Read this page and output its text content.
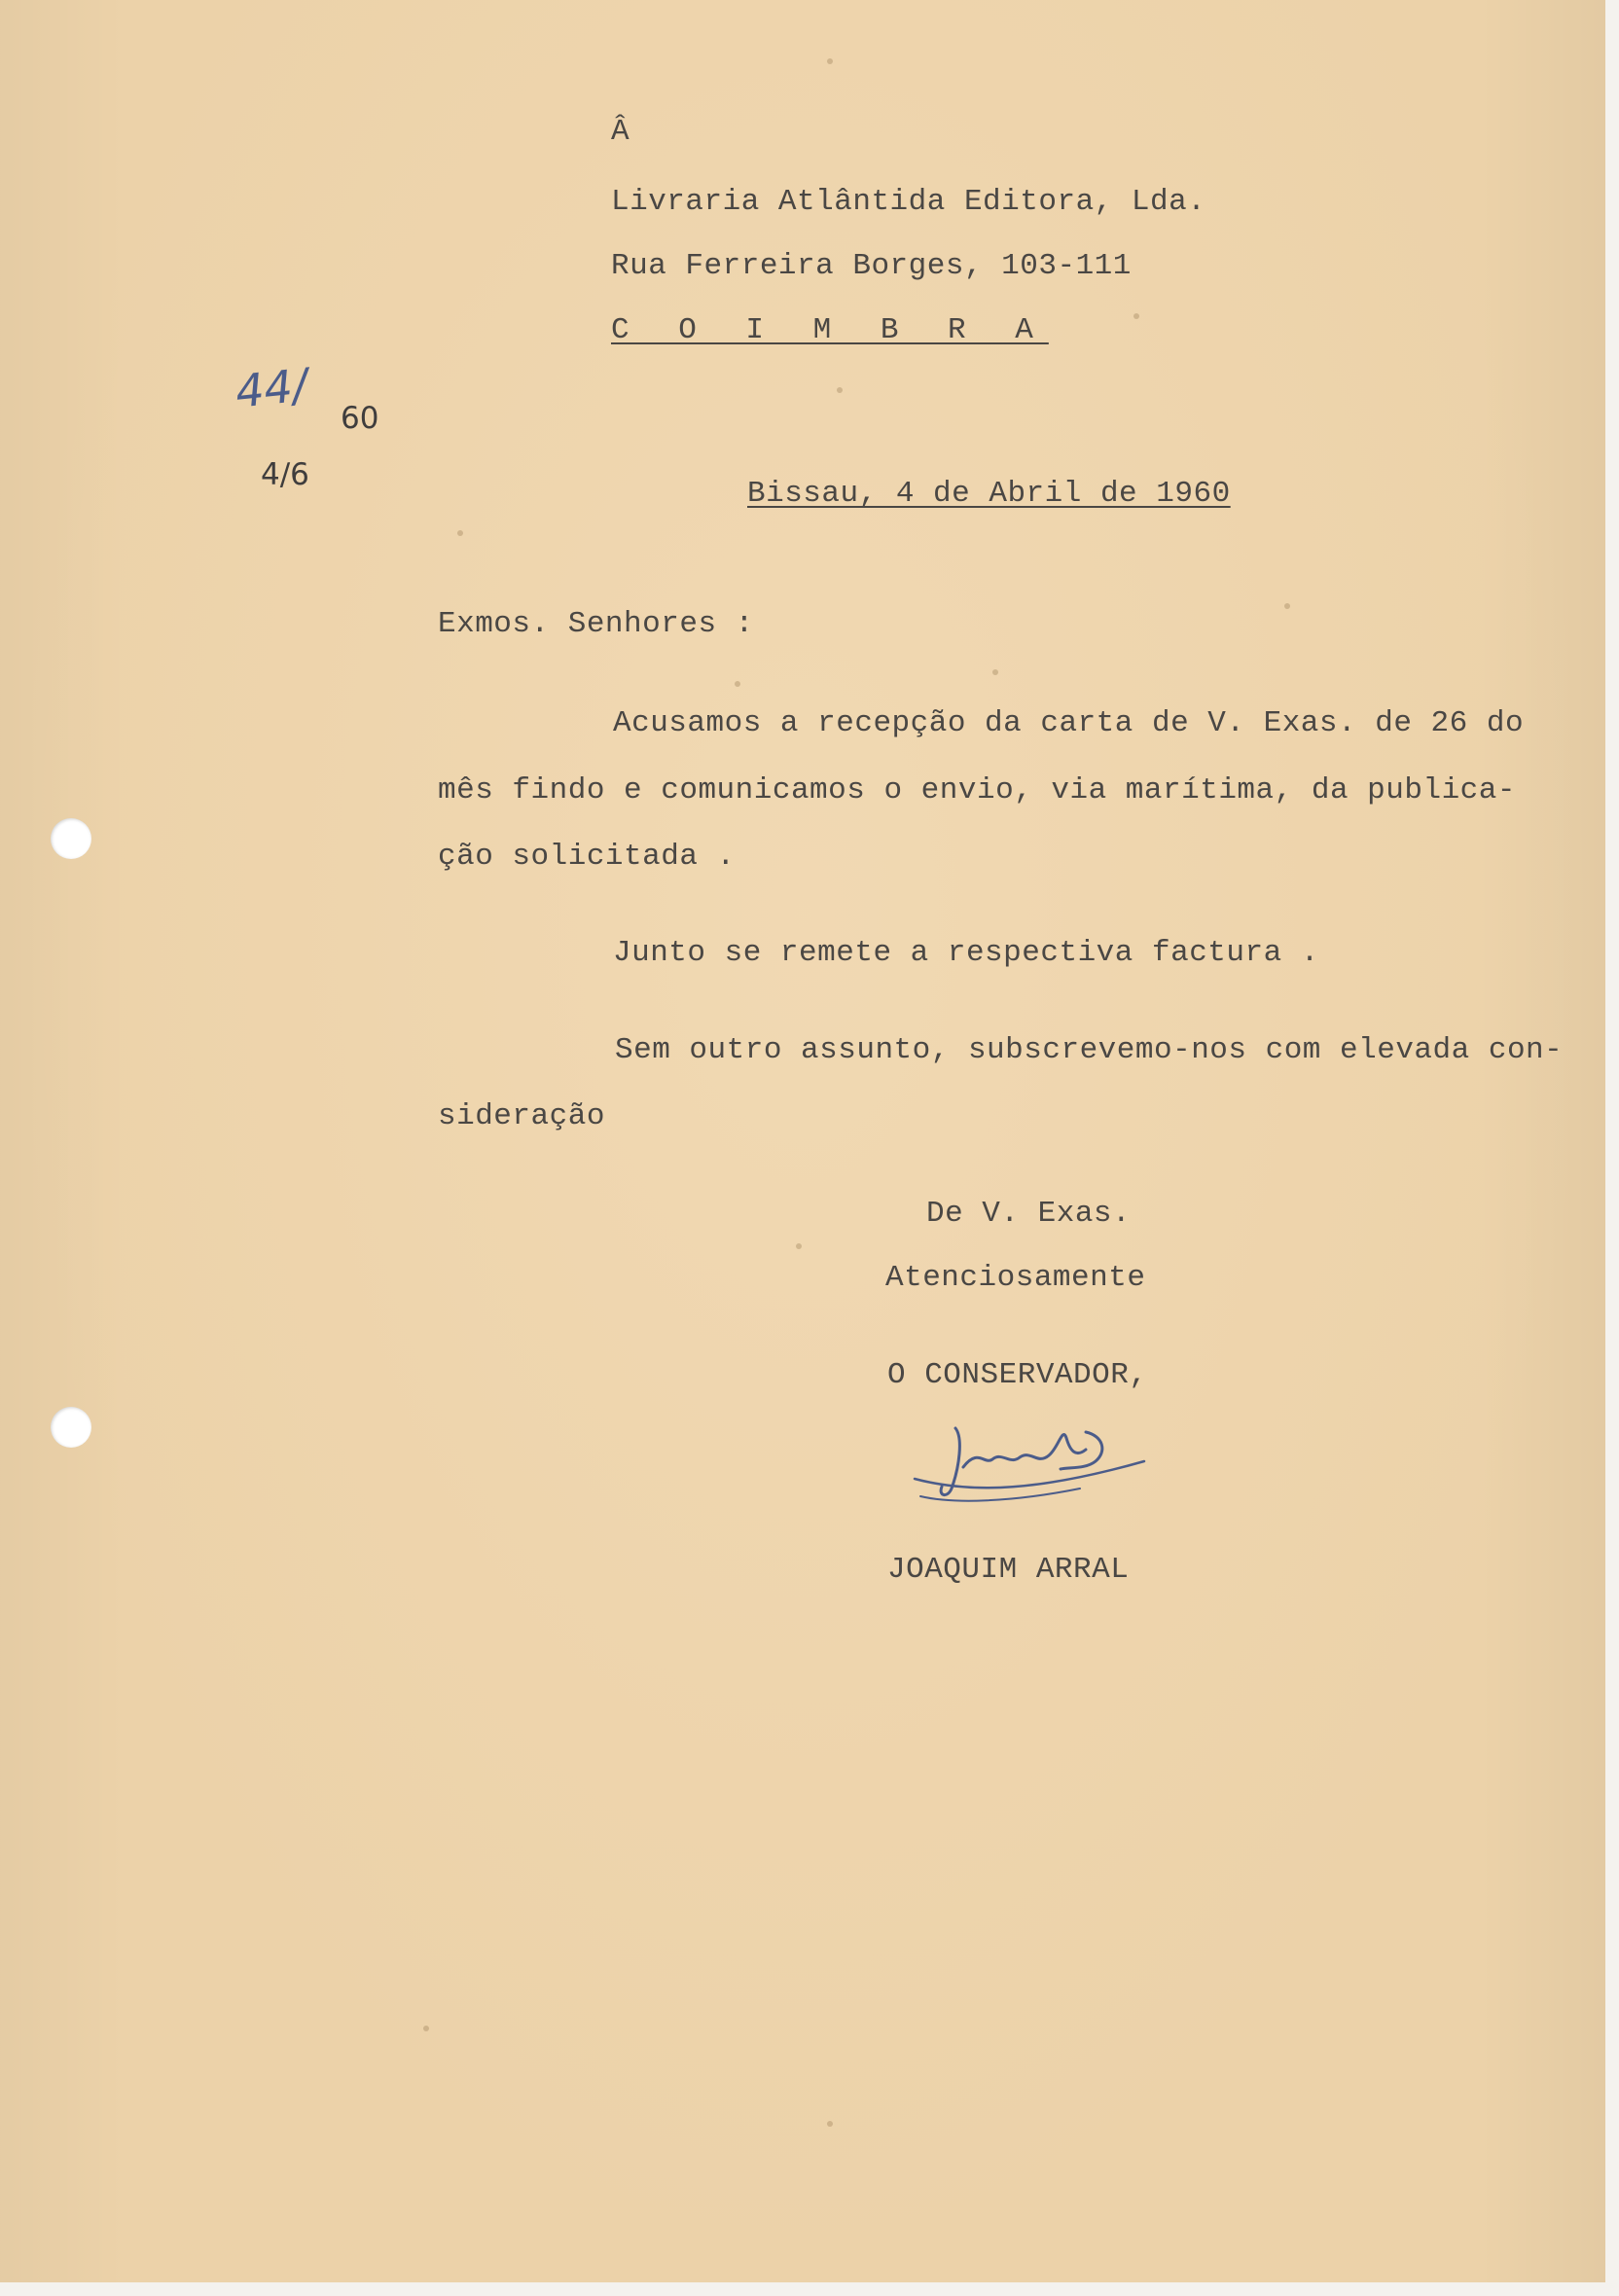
Â
Livraria Atlântida Editora, Lda.
Rua Ferreira Borges, 103-111
C O I M B R A
44/
60
4/6
Bissau, 4 de Abril de 1960
Exmos. Senhores :
Acusamos a recepção da carta de V. Exas. de 26 do
mês findo e comunicamos o envio, via marítima, da publica-
ção solicitada .
Junto se remete a respectiva factura .
Sem outro assunto, subscrevemo-nos com elevada con-
sideração
De V. Exas.
Atenciosamente
O CONSERVADOR,
JOAQUIM ARRAL
